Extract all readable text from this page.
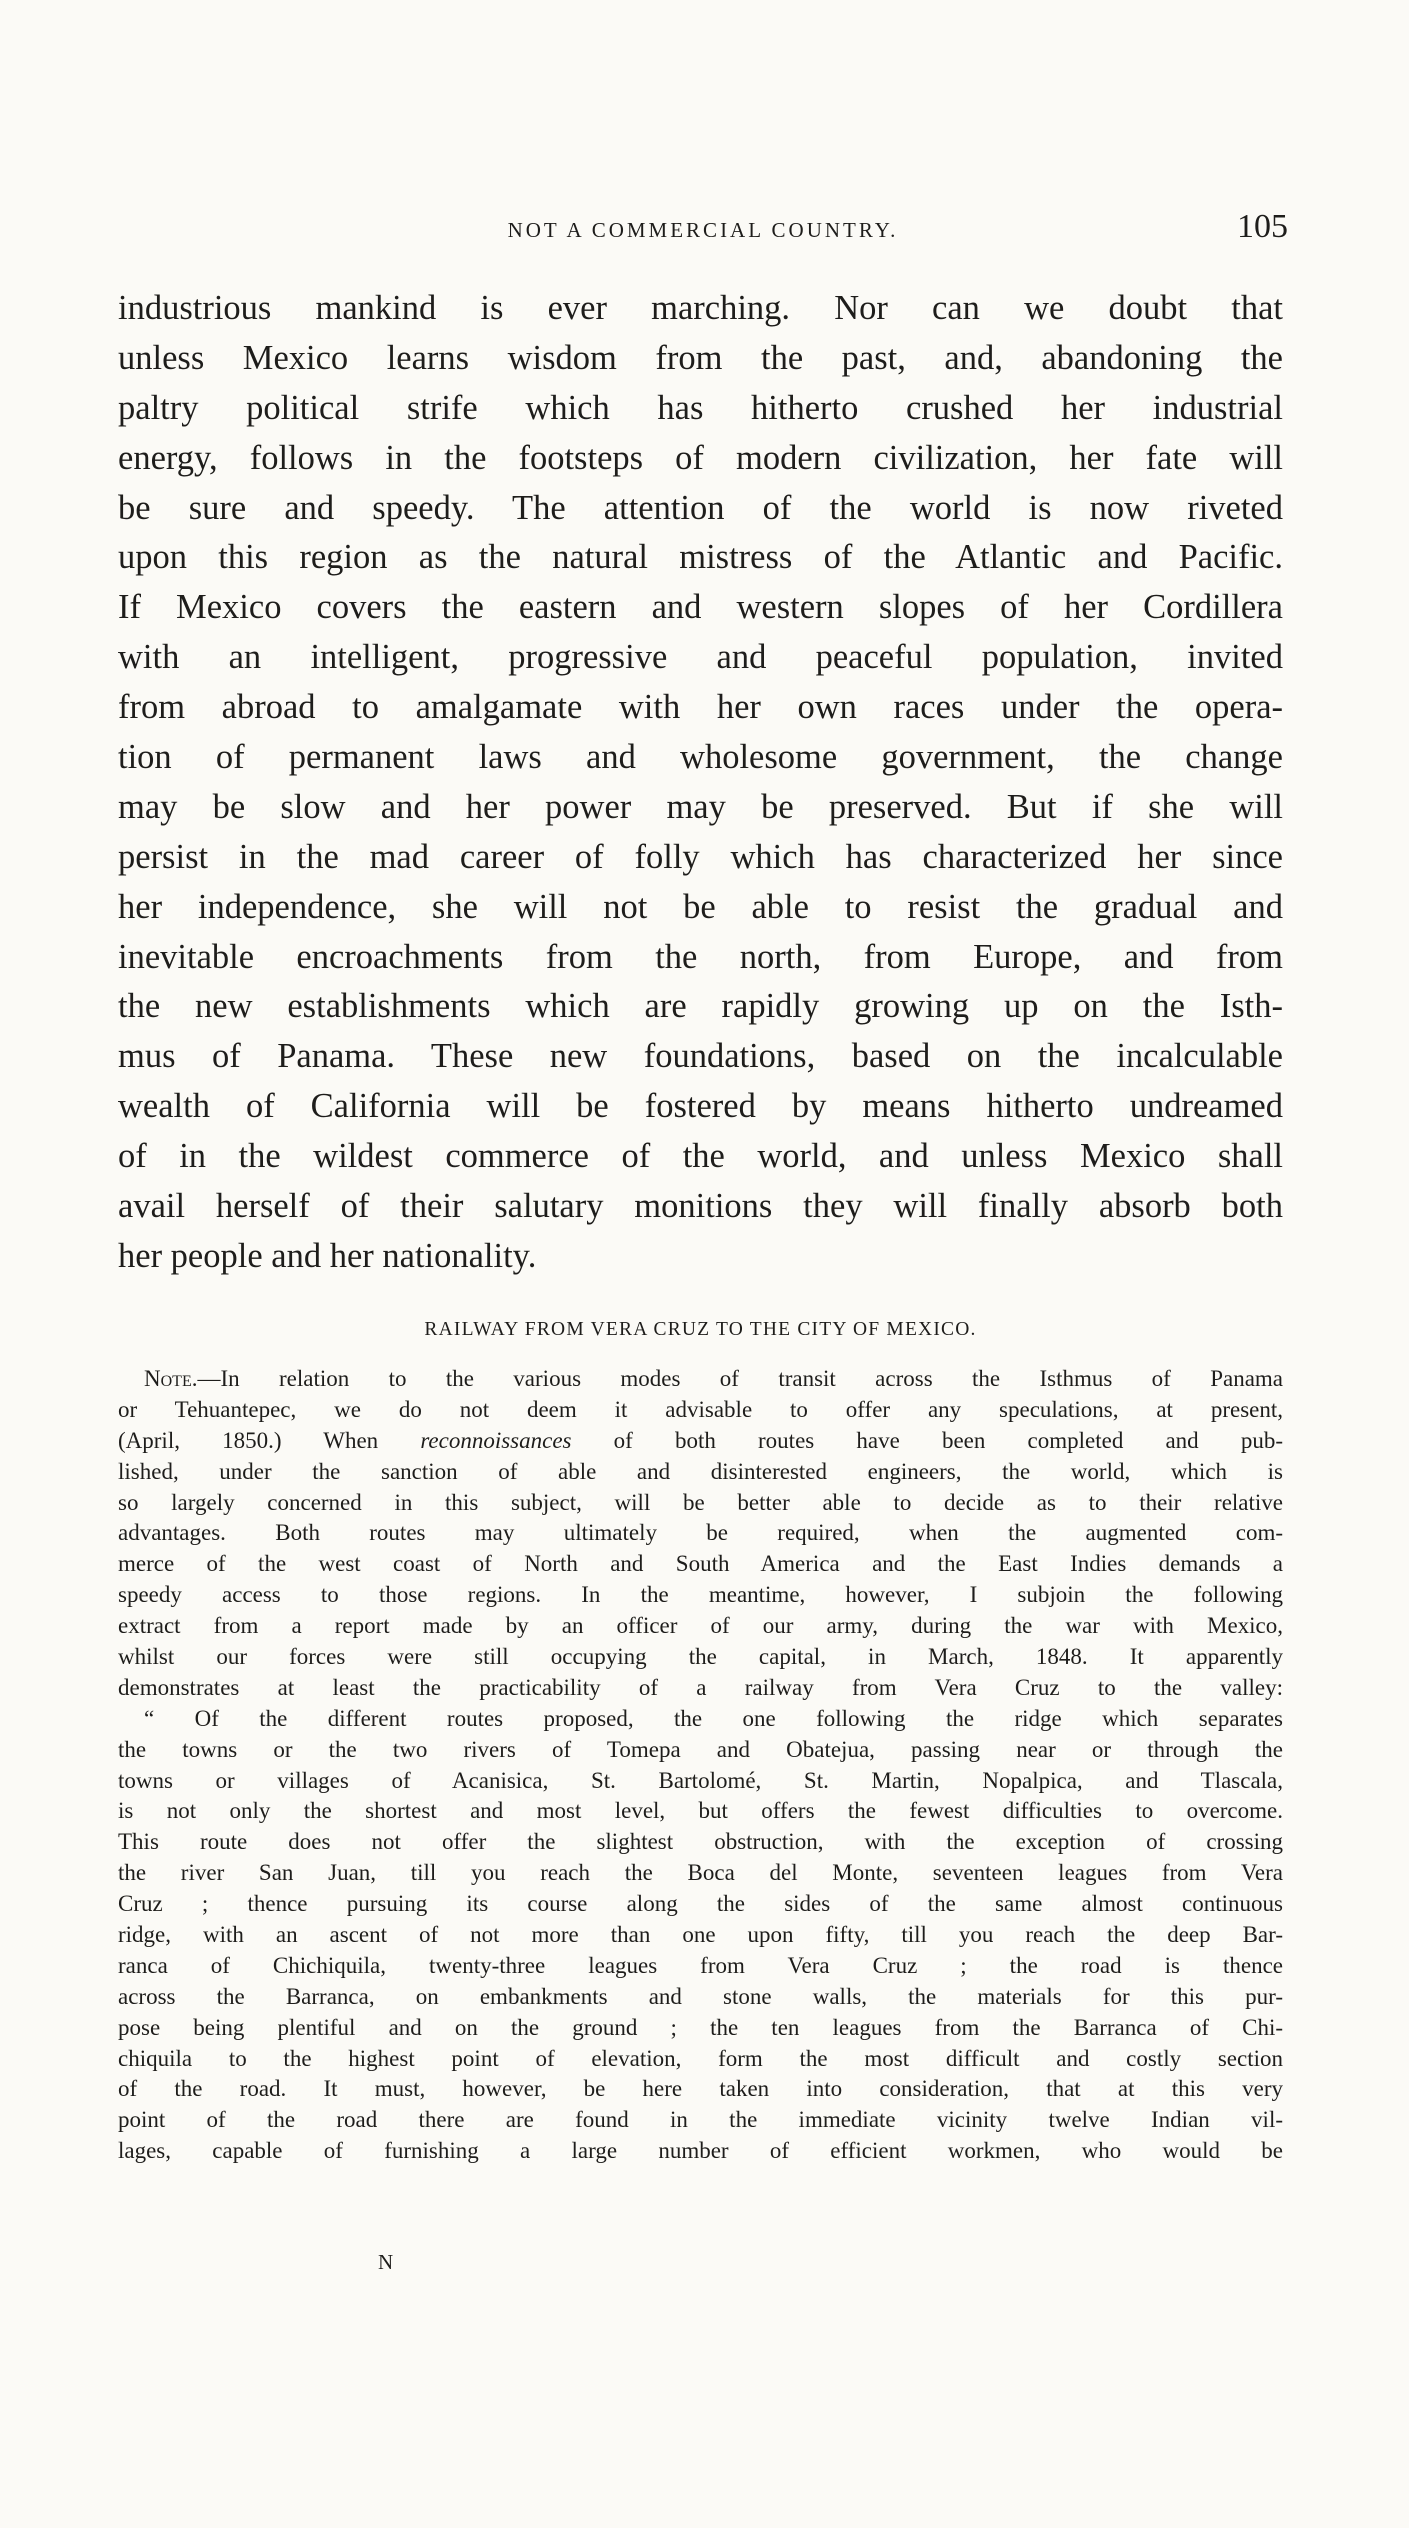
NOT A COMMERCIAL COUNTRY.	105
industrious mankind is ever marching. Nor can we doubt that
unless Mexico learns wisdom from the past, and, abandoning the
paltry political strife which has hitherto crushed her industrial
energy, follows in the footsteps of modern civilization, her fate will
be sure and speedy. The attention of the world is now riveted
upon this region as the natural mistress of the Atlantic and Pacific.
If Mexico covers the eastern and western slopes of her Cordillera
with an intelligent, progressive and peaceful population, invited
from abroad to amalgamate with her own races under the opera-
tion of permanent laws and wholesome government, the change
may be slow and her power may be preserved. But if she will
persist in the mad career of folly which has characterized her since
her independence, she will not be able to resist the gradual and
inevitable encroachments from the north, from Europe, and from
the new establishments which are rapidly growing up on the Isth-
mus of Panama. These new foundations, based on the incalculable
wealth of California will be fostered by means hitherto undreamed
of in the wildest commerce of the world, and unless Mexico shall
avail herself of their salutary monitions they will finally absorb both
her people and her nationality.
RAILWAY FROM VERA CRUZ TO THE CITY OF MEXICO.
Note.—In relation to the various modes of transit across the Isthmus of Panama
or Tehuantepec, we do not deem it advisable to offer any speculations, at present,
(April, 1850.) When reconnoissances of both routes have been completed and pub-
lished, under the sanction of able and disinterested engineers, the world, which is
so largely concerned in this subject, will be better able to decide as to their relative
advantages. Both routes may ultimately be required, when the augmented com-
merce of the west coast of North and South America and the East Indies demands a
speedy access to those regions. In the meantime, however, I subjoin the following
extract from a report made by an officer of our army, during the war with Mexico,
whilst our forces were still occupying the capital, in March, 1848. It apparently
demonstrates at least the practicability of a railway from Vera Cruz to the valley:
“ Of the different routes proposed, the one following the ridge which separates
the towns or the two rivers of Tomepa and Obatejua, passing near or through the
towns or villages of Acanisica, St. Bartolomé, St. Martin, Nopalpica, and Tlascala,
is not only the shortest and most level, but offers the fewest difficulties to overcome.
This route does not offer the slightest obstruction, with the exception of crossing
the river San Juan, till you reach the Boca del Monte, seventeen leagues from Vera
Cruz ; thence pursuing its course along the sides of the same almost continuous
ridge, with an ascent of not more than one upon fifty, till you reach the deep Bar-
ranca of Chichiquila, twenty-three leagues from Vera Cruz ; the road is thence
across the Barranca, on embankments and stone walls, the materials for this pur-
pose being plentiful and on the ground ; the ten leagues from the Barranca of Chi-
chiquila to the highest point of elevation, form the most difficult and costly section
of the road. It must, however, be here taken into consideration, that at this very
point of the road there are found in the immediate vicinity twelve Indian vil-
lages, capable of furnishing a large number of efficient workmen, who would be
N
